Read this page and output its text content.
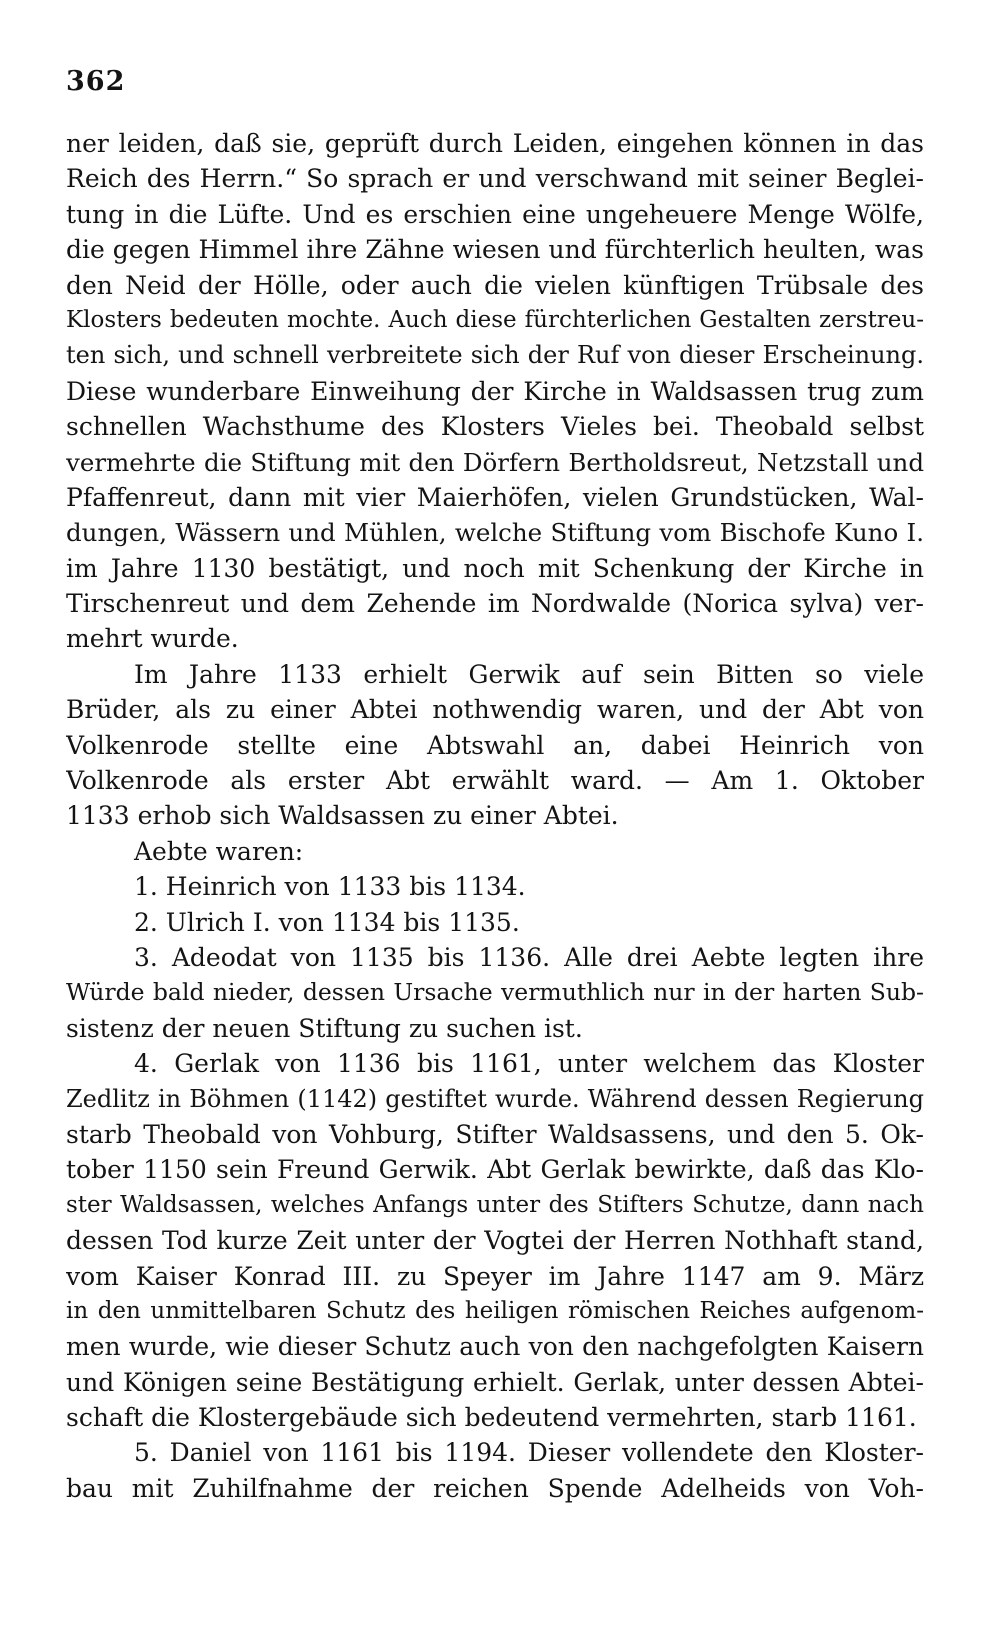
362
ner leiden, daß sie, geprüft durch Leiden, eingehen können in das
Reich des Herrn.“ So sprach er und verschwand mit seiner Beglei-
tung in die Lüfte. Und es erschien eine ungeheuere Menge Wölfe,
die gegen Himmel ihre Zähne wiesen und fürchterlich heulten, was
den Neid der Hölle, oder auch die vielen künftigen Trübsale des
Klosters bedeuten mochte. Auch diese fürchterlichen Gestalten zerstreu-
ten sich, und schnell verbreitete sich der Ruf von dieser Erscheinung.
Diese wunderbare Einweihung der Kirche in Waldsassen trug zum
schnellen Wachsthume des Klosters Vieles bei. Theobald selbst
vermehrte die Stiftung mit den Dörfern Bertholdsreut, Netzstall und
Pfaffenreut, dann mit vier Maierhöfen, vielen Grundstücken, Wal-
dungen, Wässern und Mühlen, welche Stiftung vom Bischofe Kuno I.
im Jahre 1130 bestätigt, und noch mit Schenkung der Kirche in
Tirschenreut und dem Zehende im Nordwalde (Norica sylva) ver-
mehrt wurde.
Im Jahre 1133 erhielt Gerwik auf sein Bitten so viele
Brüder, als zu einer Abtei nothwendig waren, und der Abt von
Volkenrode stellte eine Abtswahl an, dabei Heinrich von
Volkenrode als erster Abt erwählt ward. — Am 1. Oktober
1133 erhob sich Waldsassen zu einer Abtei.
Aebte waren:
1. Heinrich von 1133 bis 1134.
2. Ulrich I. von 1134 bis 1135.
3. Adeodat von 1135 bis 1136. Alle drei Aebte legten ihre
Würde bald nieder, dessen Ursache vermuthlich nur in der harten Sub-
sistenz der neuen Stiftung zu suchen ist.
4. Gerlak von 1136 bis 1161, unter welchem das Kloster
Zedlitz in Böhmen (1142) gestiftet wurde. Während dessen Regierung
starb Theobald von Vohburg, Stifter Waldsassens, und den 5. Ok-
tober 1150 sein Freund Gerwik. Abt Gerlak bewirkte, daß das Klo-
ster Waldsassen, welches Anfangs unter des Stifters Schutze, dann nach
dessen Tod kurze Zeit unter der Vogtei der Herren Nothhaft stand,
vom Kaiser Konrad III. zu Speyer im Jahre 1147 am 9. März
in den unmittelbaren Schutz des heiligen römischen Reiches aufgenom-
men wurde, wie dieser Schutz auch von den nachgefolgten Kaisern
und Königen seine Bestätigung erhielt. Gerlak, unter dessen Abtei-
schaft die Klostergebäude sich bedeutend vermehrten, starb 1161.
5. Daniel von 1161 bis 1194. Dieser vollendete den Kloster-
bau mit Zuhilfnahme der reichen Spende Adelheids von Voh-
